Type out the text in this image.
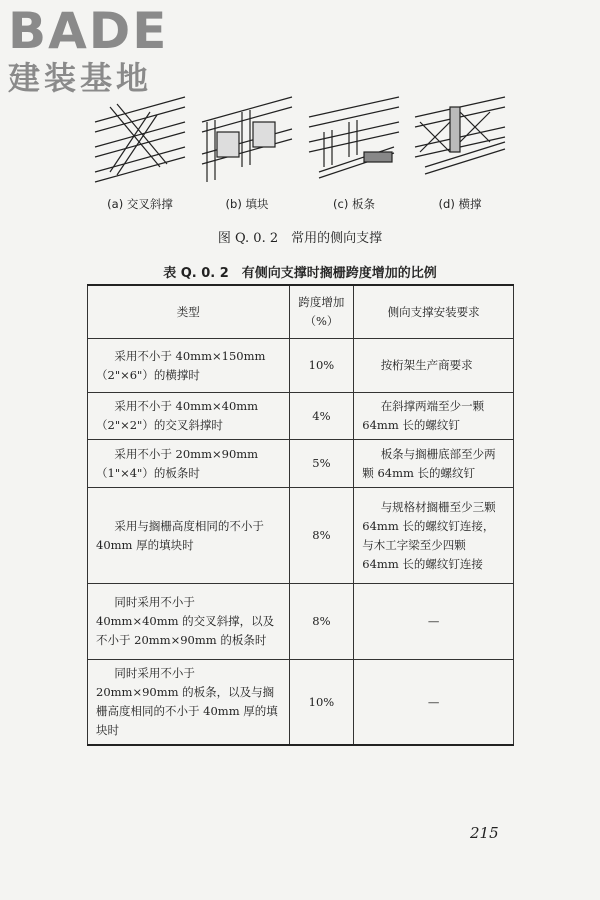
BADE
建装基地
(a) 交叉斜撑	(b) 填块	(c) 板条	(d) 横撑
图 Q. 0. 2　常用的侧向支撑
表 Q. 0. 2　有侧向支撑时搁栅跨度增加的比例
类型	跨度增加（%）	侧向支撑安装要求
采用不小于 40mm×150mm（2"×6"）的横撑时	10%	按桁架生产商要求
采用不小于 40mm×40mm（2"×2"）的交叉斜撑时	4%	在斜撑两端至少一颗 64mm 长的螺纹钉
采用不小于 20mm×90mm（1"×4"）的板条时	5%	板条与搁栅底部至少两颗 64mm 长的螺纹钉
采用与搁栅高度相同的不小于 40mm 厚的填块时	8%	与规格材搁栅至少三颗 64mm 长的螺纹钉连接，与木工字梁至少四颗 64mm 长的螺纹钉连接
同时采用不小于 40mm×40mm 的交叉斜撑，以及不小于 20mm×90mm 的板条时	8%	—
同时采用不小于 20mm×90mm 的板条，以及与搁栅高度相同的不小于 40mm 厚的填块时	10%	—
215
